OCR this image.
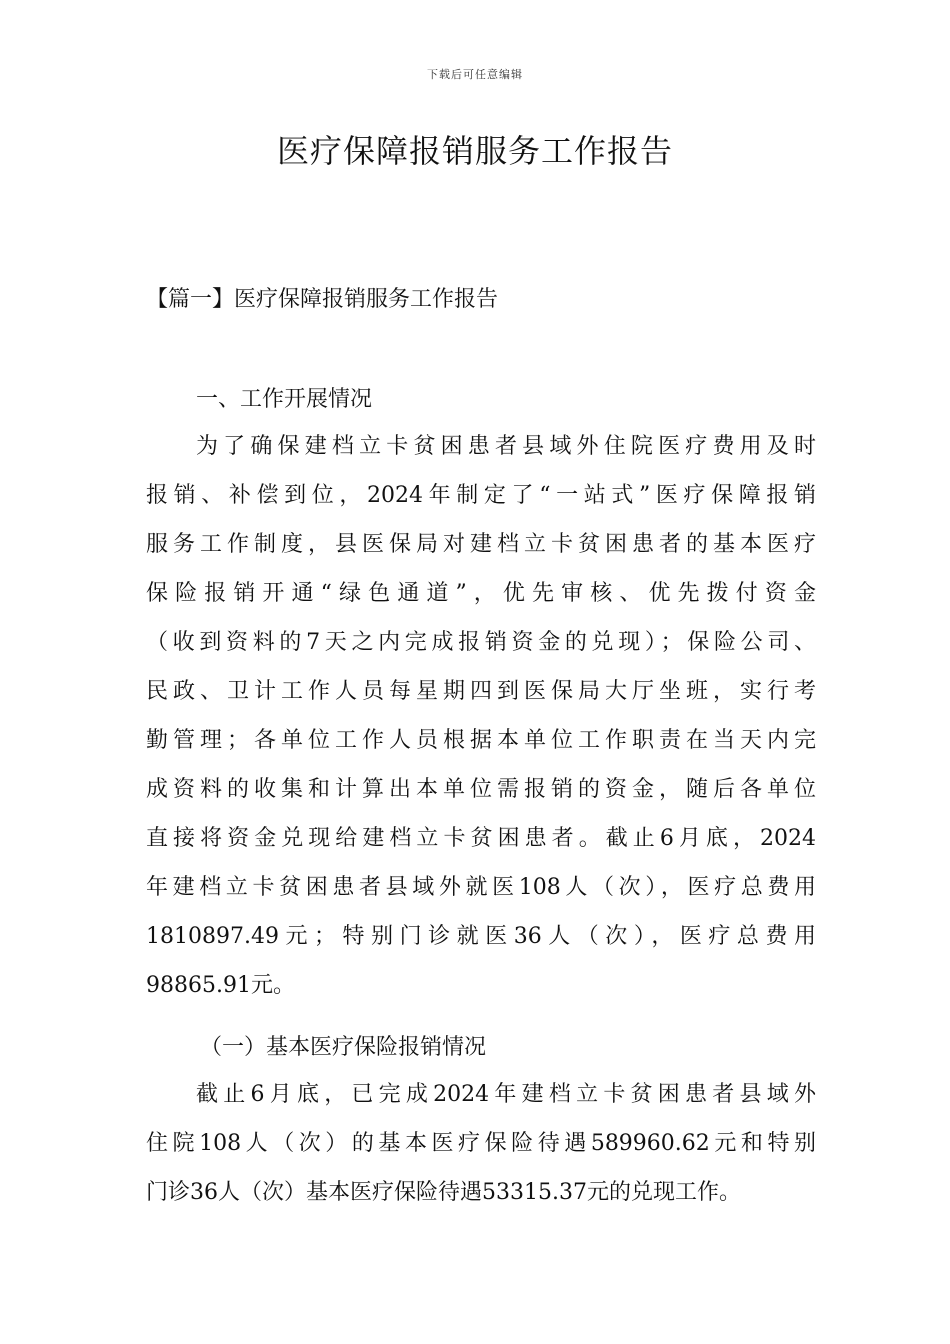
下载后可任意编辑
医疗保障报销服务工作报告
【篇一】医疗保障报销服务工作报告
一、工作开展情况
为了确保建档立卡贫困患者县域外住院医疗费用及时
报销、补偿到位，2024年制定了“一站式”医疗保障报销
服务工作制度，县医保局对建档立卡贫困患者的基本医疗
保险报销开通“绿色通道”，优先审核、优先拨付资金
（收到资料的7天之内完成报销资金的兑现）；保险公司、
民政、卫计工作人员每星期四到医保局大厅坐班，实行考
勤管理；各单位工作人员根据本单位工作职责在当天内完
成资料的收集和计算出本单位需报销的资金，随后各单位
直接将资金兑现给建档立卡贫困患者。截止6月底，2024
年建档立卡贫困患者县域外就医108人（次），医疗总费用
1810897.49元；特别门诊就医36人（次），医疗总费用
98865.91元。
（一）基本医疗保险报销情况
截止6月底，已完成2024年建档立卡贫困患者县域外
住院108人（次）的基本医疗保险待遇589960.62元和特别
门诊36人（次）基本医疗保险待遇53315.37元的兑现工作。
